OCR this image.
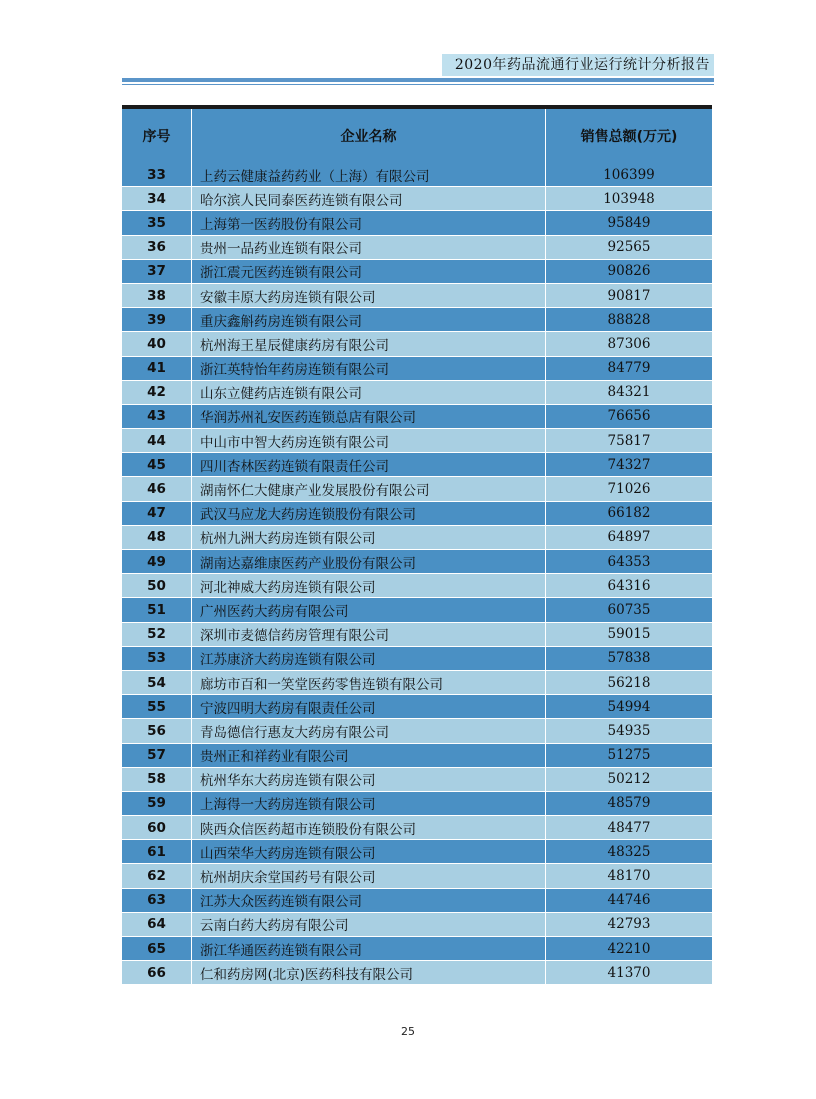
2020年药品流通行业运行统计分析报告
序号	企业名称	销售总额(万元)
33	上药云健康益药药业（上海）有限公司	106399
34	哈尔滨人民同泰医药连锁有限公司	103948
35	上海第一医药股份有限公司	95849
36	贵州一品药业连锁有限公司	92565
37	浙江震元医药连锁有限公司	90826
38	安徽丰原大药房连锁有限公司	90817
39	重庆鑫斛药房连锁有限公司	88828
40	杭州海王星辰健康药房有限公司	87306
41	浙江英特怡年药房连锁有限公司	84779
42	山东立健药店连锁有限公司	84321
43	华润苏州礼安医药连锁总店有限公司	76656
44	中山市中智大药房连锁有限公司	75817
45	四川杏林医药连锁有限责任公司	74327
46	湖南怀仁大健康产业发展股份有限公司	71026
47	武汉马应龙大药房连锁股份有限公司	66182
48	杭州九洲大药房连锁有限公司	64897
49	湖南达嘉维康医药产业股份有限公司	64353
50	河北神威大药房连锁有限公司	64316
51	广州医药大药房有限公司	60735
52	深圳市麦德信药房管理有限公司	59015
53	江苏康济大药房连锁有限公司	57838
54	廊坊市百和一笑堂医药零售连锁有限公司	56218
55	宁波四明大药房有限责任公司	54994
56	青岛德信行惠友大药房有限公司	54935
57	贵州正和祥药业有限公司	51275
58	杭州华东大药房连锁有限公司	50212
59	上海得一大药房连锁有限公司	48579
60	陕西众信医药超市连锁股份有限公司	48477
61	山西荣华大药房连锁有限公司	48325
62	杭州胡庆余堂国药号有限公司	48170
63	江苏大众医药连锁有限公司	44746
64	云南白药大药房有限公司	42793
65	浙江华通医药连锁有限公司	42210
66	仁和药房网(北京)医药科技有限公司	41370
25
